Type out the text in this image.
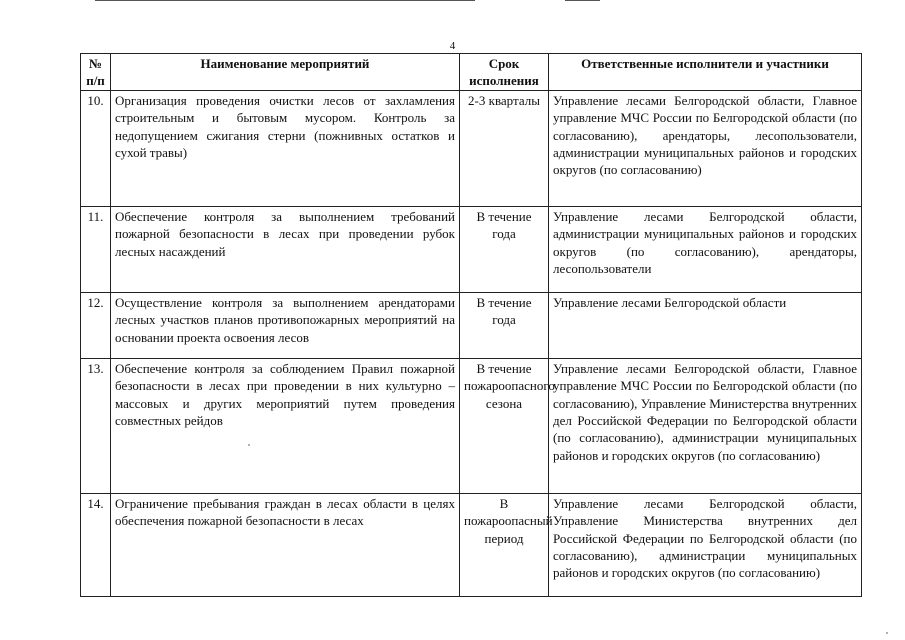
4
№
п/п	Наименование мероприятий	Срок исполнения	Ответственные исполнители и участники
10.	Организация проведения очистки лесов от захламления строительным и бытовым мусором. Контроль за недопущением сжигания стерни (пожнивных остатков и сухой травы)	2-3 кварталы	Управление лесами Белгородской области, Главное управление МЧС России по Белгородской области (по согласованию), арендаторы, лесопользователи, администрации муниципальных районов и городских округов (по согласованию)
11.	Обеспечение контроля за выполнением требований пожарной безопасности в лесах при проведении рубок лесных насаждений	В течение года	Управление лесами Белгородской области, администрации муниципальных районов и городских округов (по согласованию), арендаторы, лесопользователи
12.	Осуществление контроля за выполнением арендаторами лесных участков планов противопожарных мероприятий на основании проекта освоения лесов	В течение года	Управление лесами Белгородской области
13.	Обеспечение контроля за соблюдением Правил пожарной безопасности в лесах при проведении в них культурно – массовых и других мероприятий путем проведения совместных рейдов	В течение пожароопасного сезона	Управление лесами Белгородской области, Главное управление МЧС России по Белгородской области (по согласованию), Управление Министерства внутренних дел Российской Федерации по Белгородской области (по согласованию), администрации муниципальных районов и городских округов (по согласованию)
14.	Ограничение пребывания граждан в лесах области в целях обеспечения пожарной безопасности в лесах	В пожароопасный период	Управление лесами Белгородской области, Управление Министерства внутренних дел Российской Федерации по Белгородской области (по согласованию), администрации муниципальных районов и городских округов (по согласованию)
